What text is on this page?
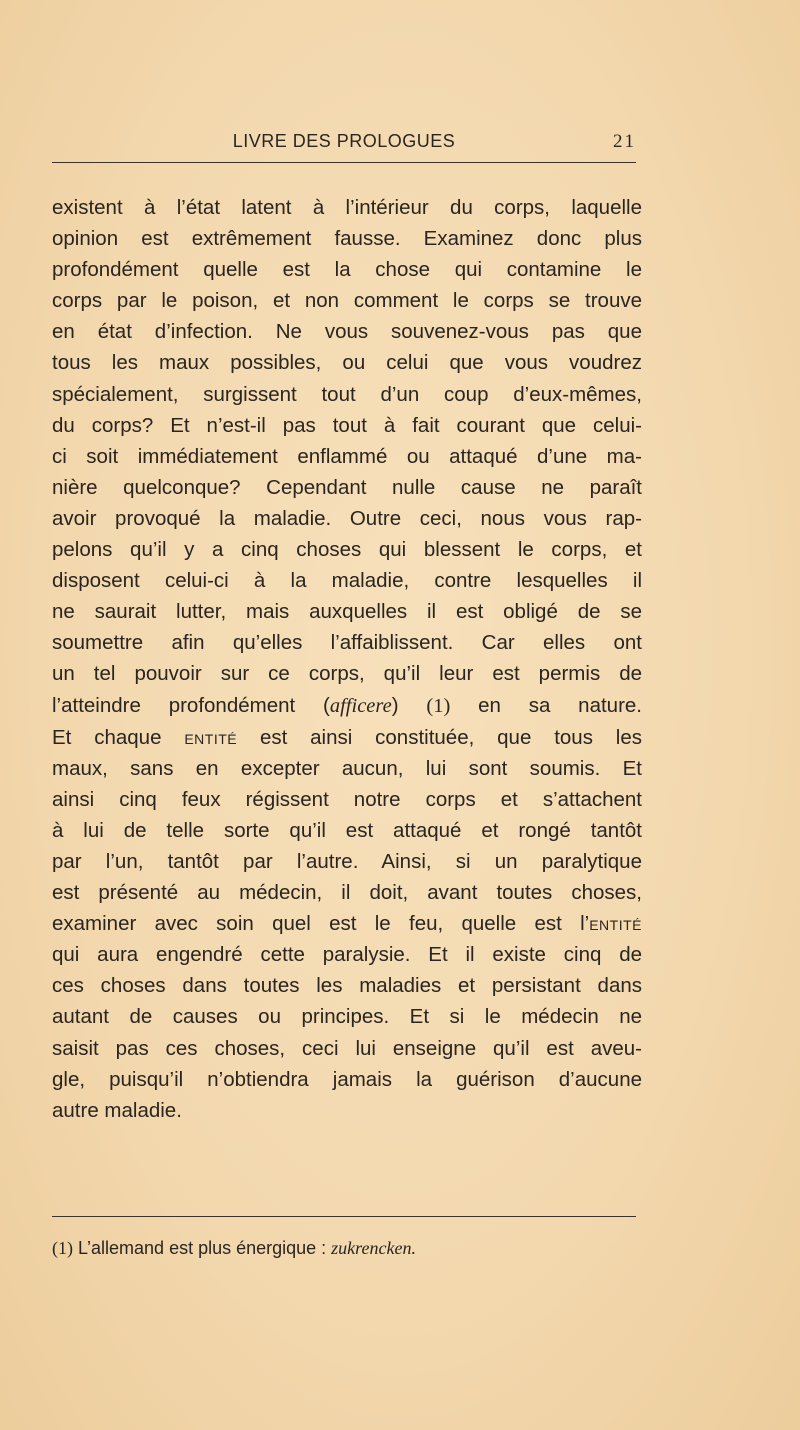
LIVRE DES PROLOGUES	21
existent à l’état latent à l’intérieur du corps, laquelle
opinion est extrêmement fausse. Examinez donc plus
profondément quelle est la chose qui contamine le
corps par le poison, et non comment le corps se trouve
en état d’infection. Ne vous souvenez-vous pas que
tous les maux possibles, ou celui que vous voudrez
spécialement, surgissent tout d’un coup d’eux-mêmes,
du corps? Et n’est-il pas tout à fait courant que celui-
ci soit immédiatement enflammé ou attaqué d’une ma-
nière quelconque? Cependant nulle cause ne paraît
avoir provoqué la maladie. Outre ceci, nous vous rap-
pelons qu’il y a cinq choses qui blessent le corps, et
disposent celui-ci à la maladie, contre lesquelles il
ne saurait lutter, mais auxquelles il est obligé de se
soumettre afin qu’elles l’affaiblissent. Car elles ont
un tel pouvoir sur ce corps, qu’il leur est permis de
l’atteindre profondément (afficere) (1) en sa nature.
Et chaque entité est ainsi constituée, que tous les
maux, sans en excepter aucun, lui sont soumis. Et
ainsi cinq feux régissent notre corps et s’attachent
à lui de telle sorte qu’il est attaqué et rongé tantôt
par l’un, tantôt par l’autre. Ainsi, si un paralytique
est présenté au médecin, il doit, avant toutes choses,
examiner avec soin quel est le feu, quelle est l’entité
qui aura engendré cette paralysie. Et il existe cinq de
ces choses dans toutes les maladies et persistant dans
autant de causes ou principes. Et si le médecin ne
saisit pas ces choses, ceci lui enseigne qu’il est aveu-
gle, puisqu’il n’obtiendra jamais la guérison d’aucune
autre maladie.
(1) L’allemand est plus énergique : zukrencken.
